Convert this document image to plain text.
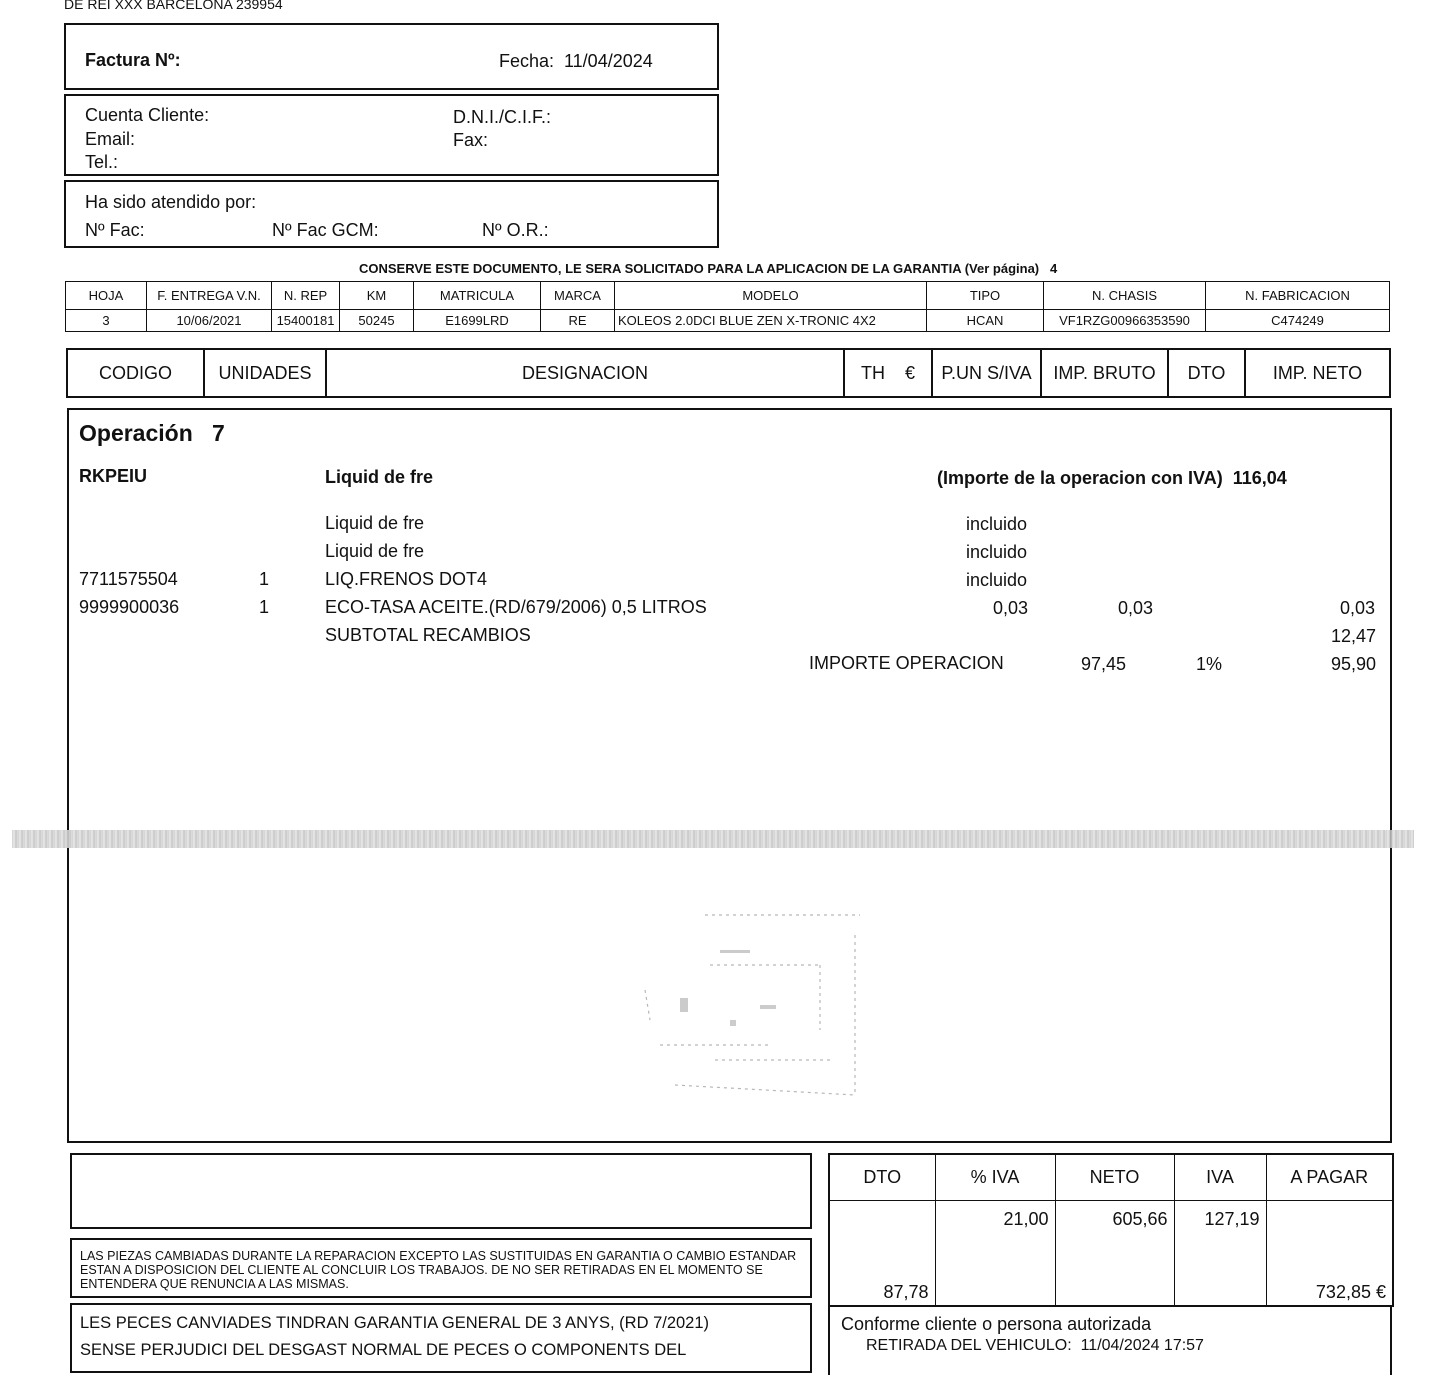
DE REI XXX BARCELONA 239954
Factura Nº:	Fecha: 11/04/2024
Cuenta Cliente:
Email:
Tel.:
D.N.I./C.I.F.:
Fax:
Ha sido atendido por:
Nº Fac:	Nº Fac GCM:	Nº O.R.:
CONSERVE ESTE DOCUMENTO, LE SERA SOLICITADO PARA LA APLICACION DE LA GARANTIA (Ver página) 4
HOJA	F. ENTREGA V.N.	N. REP	KM	MATRICULA	MARCA	MODELO	TIPO	N. CHASIS	N. FABRICACION
3	10/06/2021	15400181	50245	E1699LRD	RE	KOLEOS 2.0DCI BLUE ZEN X-TRONIC 4X2	HCAN	VF1RZG00966353590	C474249
CODIGO	UNIDADES	DESIGNACION	TH €	P.UN S/IVA	IMP. BRUTO	DTO	IMP. NETO
Operación 7
RKPEIU	Liquid de fre	(Importe de la operacion con IVA) 116,04
Liquid de fre	incluido
Liquid de fre	incluido
7711575504	1	LIQ.FRENOS DOT4	incluido
9999900036	1	ECO-TASA ACEITE.(RD/679/2006) 0,5 LITROS	0,03	0,03	0,03
SUBTOTAL RECAMBIOS	12,47
IMPORTE OPERACION	97,45	1%	95,90
LAS PIEZAS CAMBIADAS DURANTE LA REPARACION EXCEPTO LAS SUSTITUIDAS EN GARANTIA O CAMBIO ESTANDAR ESTAN A DISPOSICION DEL CLIENTE AL CONCLUIR LOS TRABAJOS. DE NO SER RETIRADAS EN EL MOMENTO SE ENTENDERA QUE RENUNCIA A LAS MISMAS.
LES PECES CANVIADES TINDRAN GARANTIA GENERAL DE 3 ANYS, (RD 7/2021)
SENSE PERJUDICI DEL DESGAST NORMAL DE PECES O COMPONENTS DEL
DTO	% IVA	NETO	IVA	A PAGAR
87,78	21,00	605,66	127,19	732,85 €
Conforme cliente o persona autorizada
RETIRADA DEL VEHICULO: 11/04/2024 17:57
